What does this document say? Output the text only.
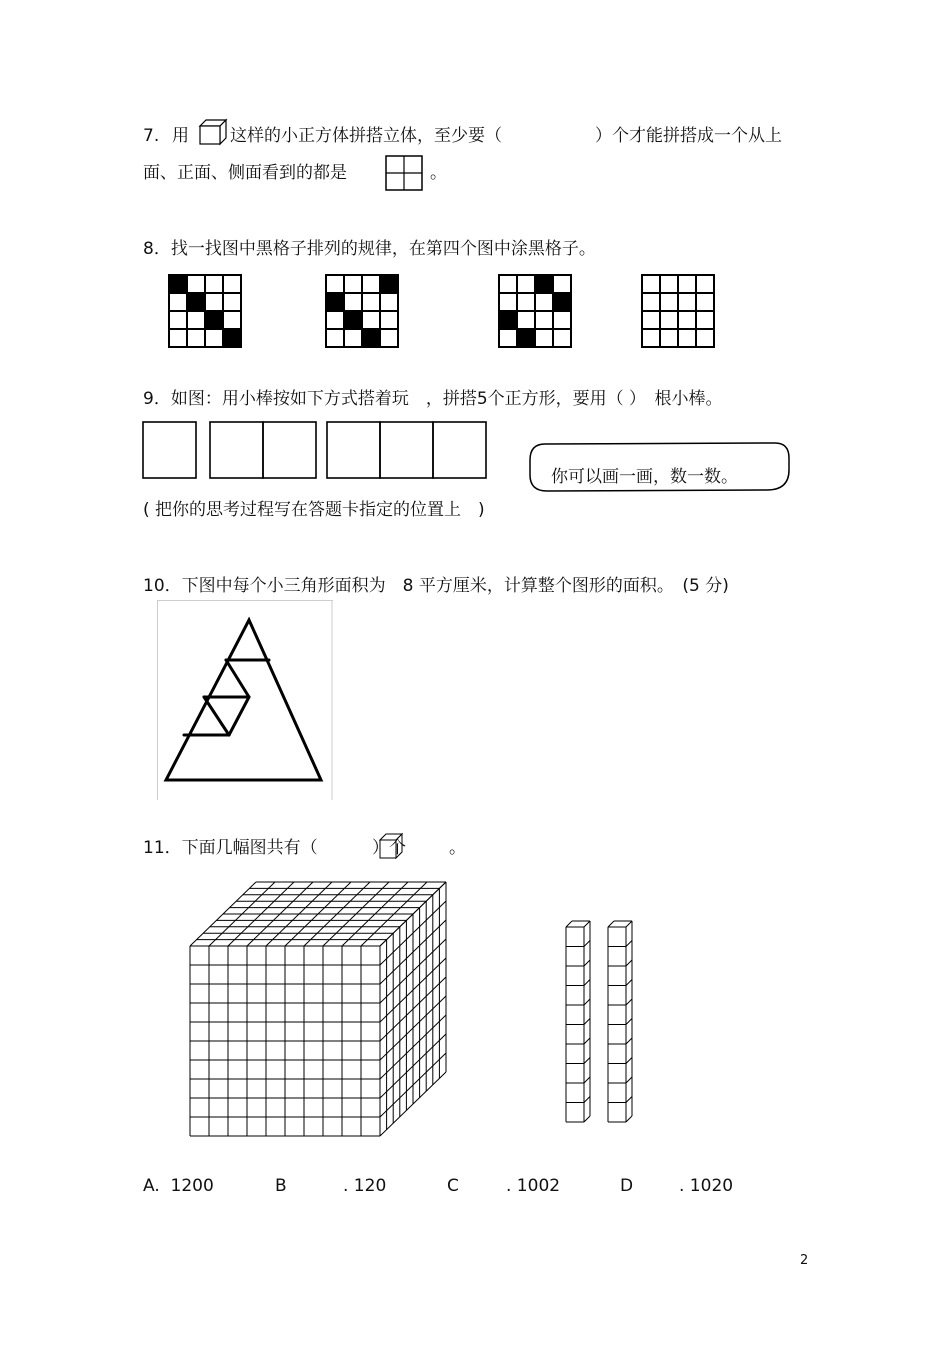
7. 用 这样的小正方体拼搭立体，至少要（	）个才能拼搭成一个从上
面、正面、侧面看到的都是	。
8．找一找图中黑格子排列的规律，在第四个图中涂黑格子。

9．如图：用小棒按如下方式搭着玩　，拼搭5个正方形，要用（ ）　根小棒。
你可以画一画，数一数。
( 把你的思考过程写在答题卡指定的位置上　)
10．下图中每个小三角形面积为　8 平方厘米，计算整个图形的面积。　(5 分)
11．下面几幅图共有（	）个	。
A.  1200	B	. 120	C	. 1002	D	. 1020
2
